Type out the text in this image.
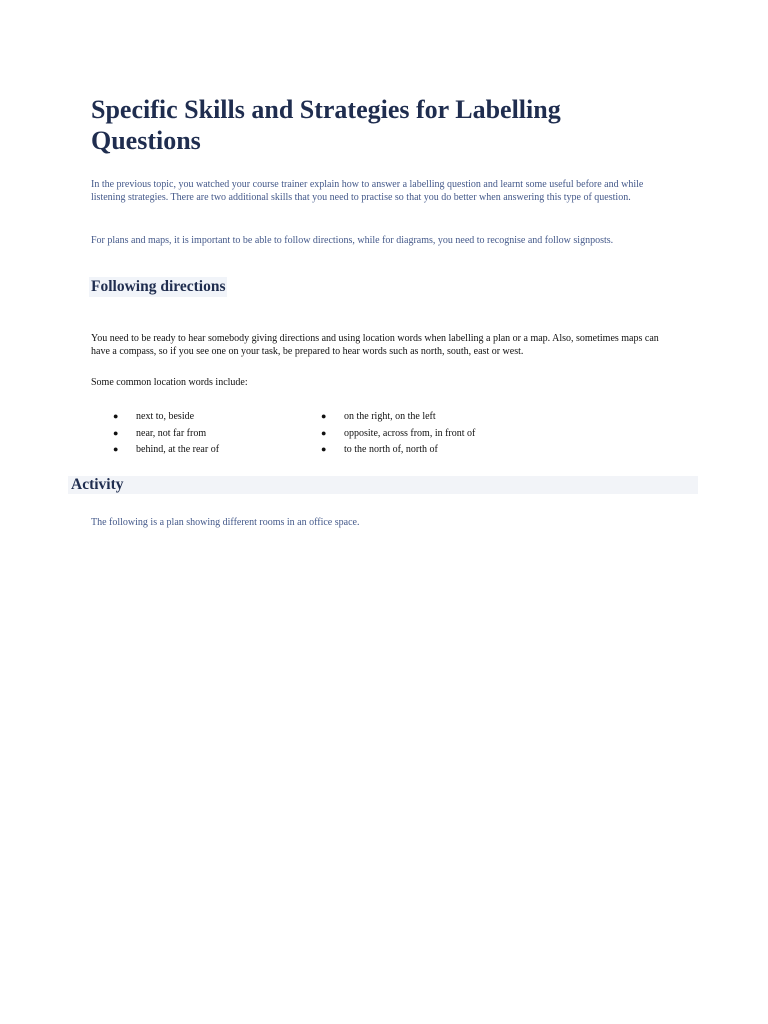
Specific Skills and Strategies for Labelling Questions

In the previous topic, you watched your course trainer explain how to answer a labelling question and learnt some useful before and while listening strategies. There are two additional skills that you need to practise so that you do better when answering this type of question.

For plans and maps, it is important to be able to follow directions, while for diagrams, you need to recognise and follow signposts.

Following directions

You need to be ready to hear somebody giving directions and using location words when labelling a plan or a map. Also, sometimes maps can have a compass, so if you see one on your task, be prepared to hear words such as north, south, east or west.

Some common location words include:

● next to, beside
● near, not far from
● behind, at the rear of
● on the right, on the left
● opposite, across from, in front of
● to the north of, north of
Activity

The following is a plan showing different rooms in an office space.
